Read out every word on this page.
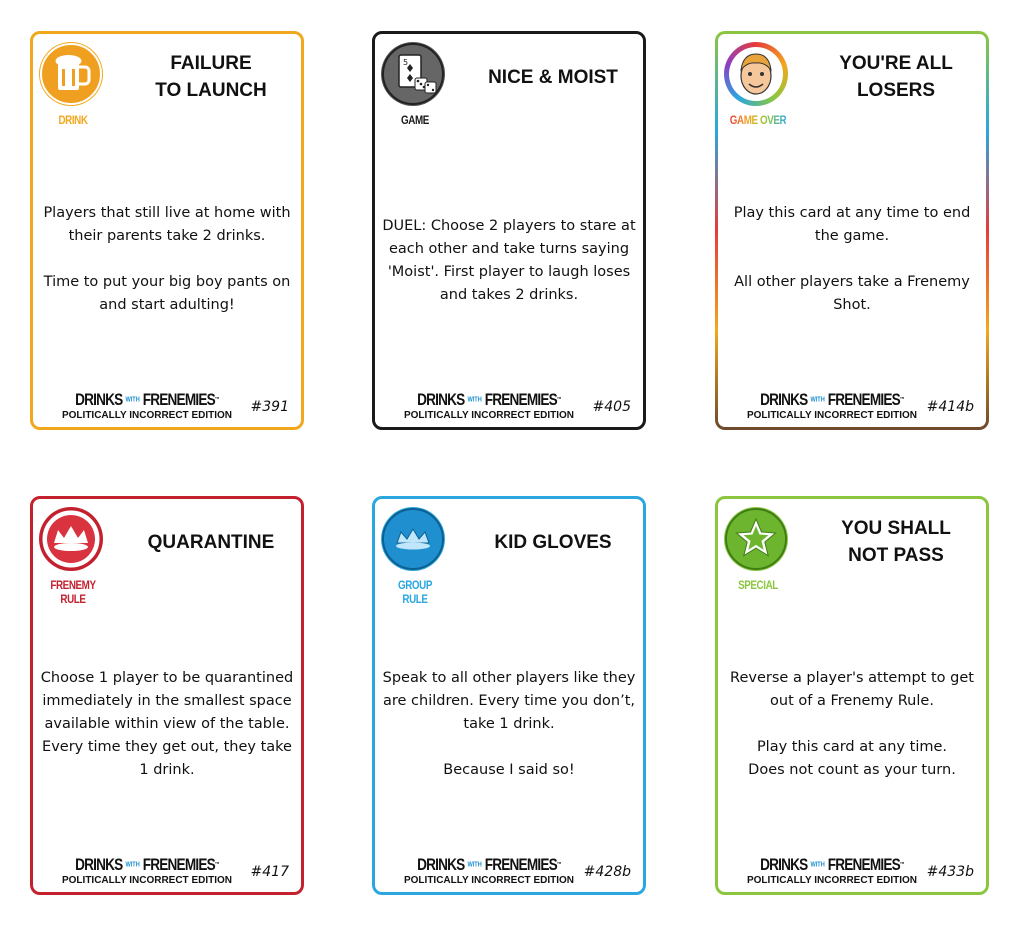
DRINK
FAILURE
TO LAUNCH

Players that still live at home with their parents take 2 drinks.

Time to put your big boy pants on and start adulting!

DRINKS WITH FRENEMIES™
POLITICALLY INCORRECT EDITION
#391
5
GAME
NICE & MOIST

DUEL: Choose 2 players to stare at each other and take turns saying 'Moist'. First player to laugh loses and takes 2 drinks.

DRINKS WITH FRENEMIES™
POLITICALLY INCORRECT EDITION
#405
GAME OVER
YOU'RE ALL
LOSERS

Play this card at any time to end the game.

All other players take a Frenemy Shot.

DRINKS WITH FRENEMIES™
POLITICALLY INCORRECT EDITION
#414b
FRENEMY RULE
QUARANTINE

Choose 1 player to be quarantined immediately in the smallest space available within view of the table. Every time they get out, they take 1 drink.

DRINKS WITH FRENEMIES™
POLITICALLY INCORRECT EDITION
#417
GROUP RULE
KID GLOVES

Speak to all other players like they are children. Every time you don’t, take 1 drink.

Because I said so!

DRINKS WITH FRENEMIES™
POLITICALLY INCORRECT EDITION
#428b
SPECIAL
YOU SHALL
NOT PASS

Reverse a player's attempt to get out of a Frenemy Rule.

Play this card at any time.
Does not count as your turn.

DRINKS WITH FRENEMIES™
POLITICALLY INCORRECT EDITION
#433b
